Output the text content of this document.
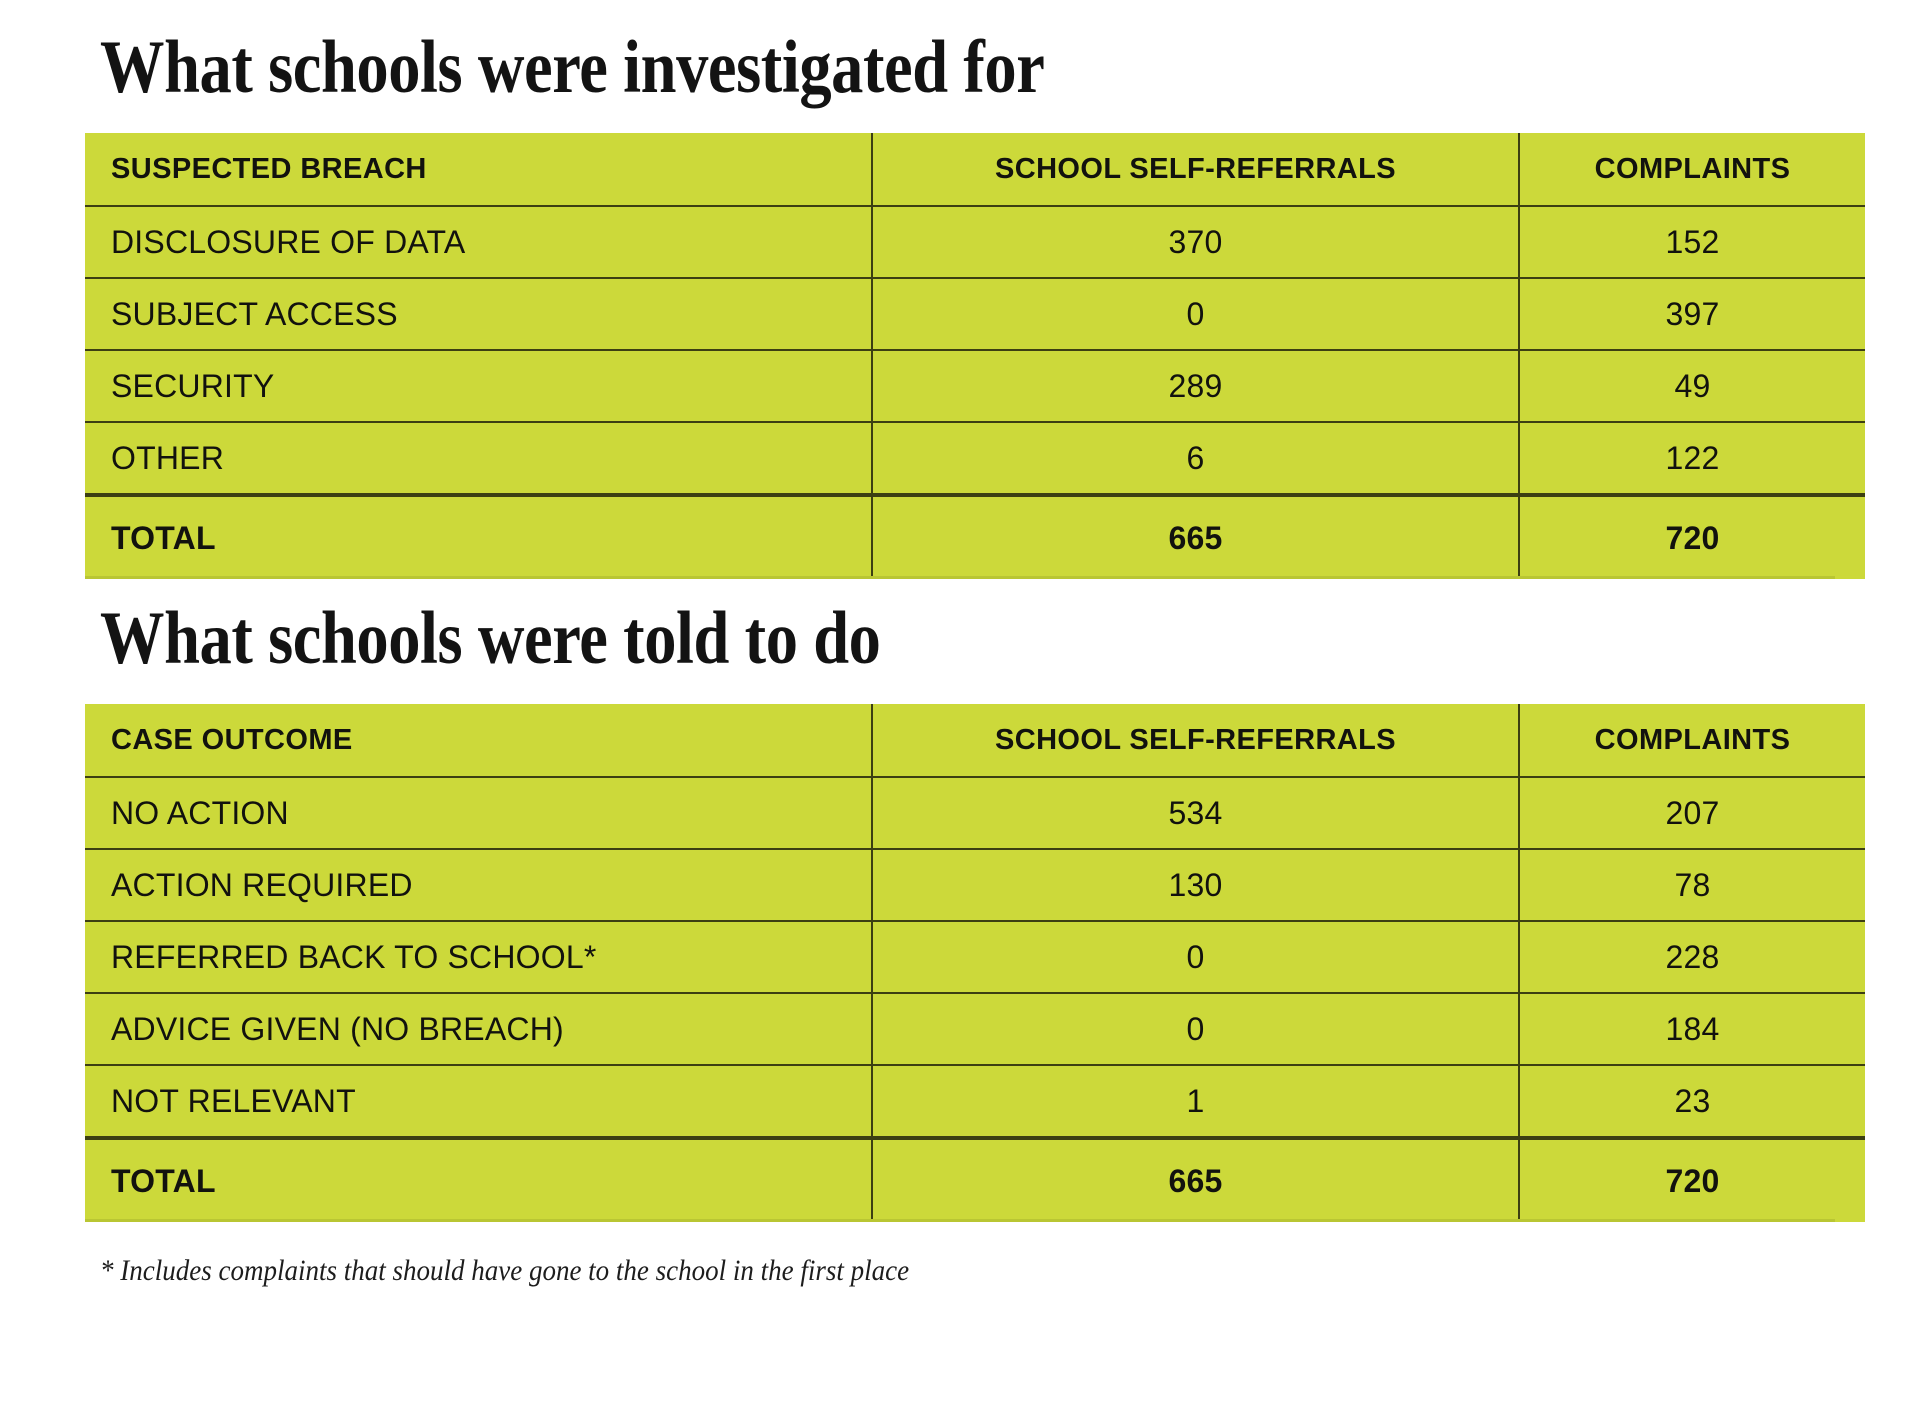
What schools were investigated for
SUSPECTED BREACH	SCHOOL SELF-REFERRALS	COMPLAINTS
DISCLOSURE OF DATA	370	152
SUBJECT ACCESS	0	397
SECURITY	289	49
OTHER	6	122
TOTAL	665	720
What schools were told to do
CASE OUTCOME	SCHOOL SELF-REFERRALS	COMPLAINTS
NO ACTION	534	207
ACTION REQUIRED	130	78
REFERRED BACK TO SCHOOL*	0	228
ADVICE GIVEN (NO BREACH)	0	184
NOT RELEVANT	1	23
TOTAL	665	720

* Includes complaints that should have gone to the school in the first place
